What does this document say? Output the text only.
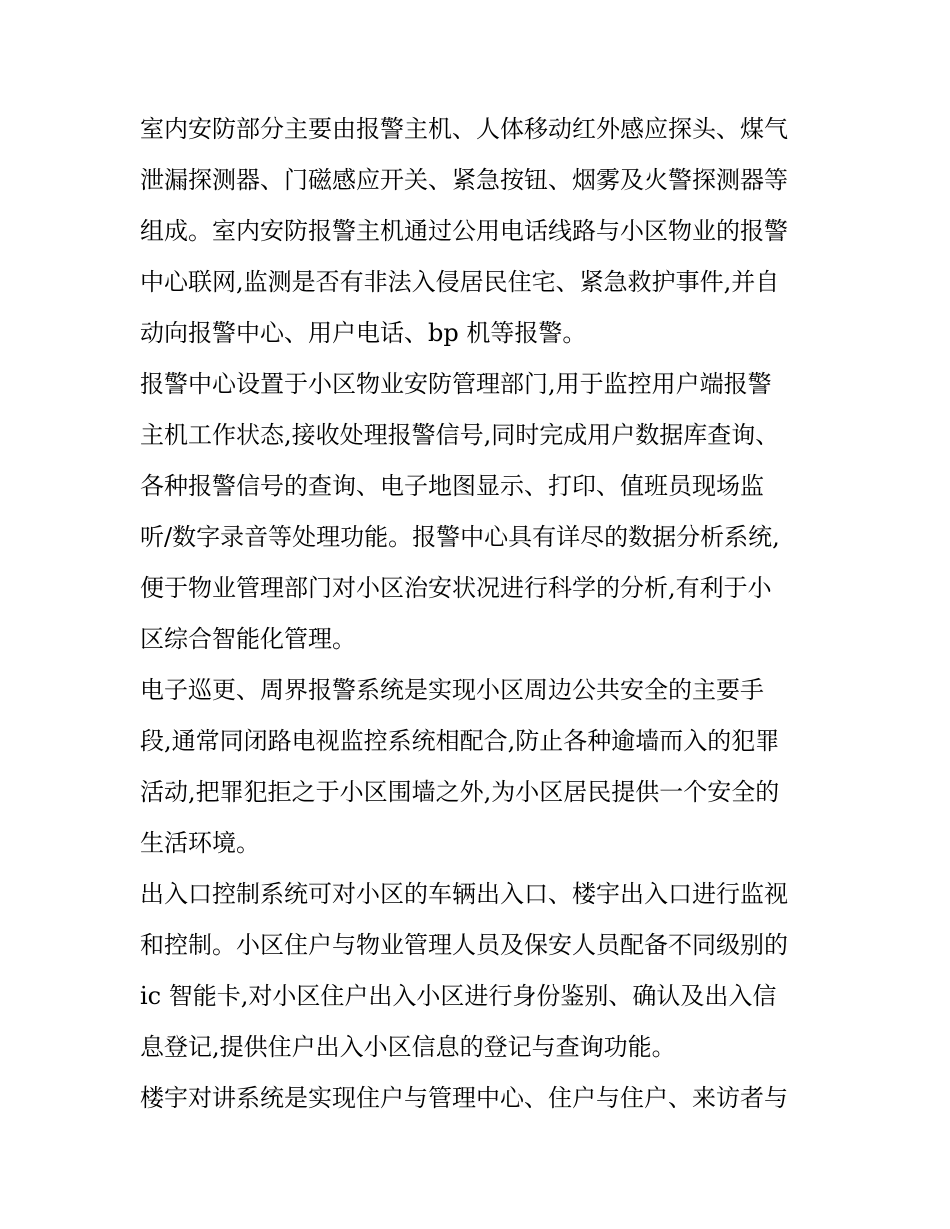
室内安防部分主要由报警主机、人体移动红外感应探头、煤气
泄漏探测器、门磁感应开关、紧急按钮、烟雾及火警探测器等
组成。室内安防报警主机通过公用电话线路与小区物业的报警
中心联网,监测是否有非法入侵居民住宅、紧急救护事件,并自
动向报警中心、用户电话、bp 机等报警。
报警中心设置于小区物业安防管理部门,用于监控用户端报警
主机工作状态,接收处理报警信号,同时完成用户数据库查询、
各种报警信号的查询、电子地图显示、打印、值班员现场监
听/数字录音等处理功能。报警中心具有详尽的数据分析系统,
便于物业管理部门对小区治安状况进行科学的分析,有利于小
区综合智能化管理。
电子巡更、周界报警系统是实现小区周边公共安全的主要手
段,通常同闭路电视监控系统相配合,防止各种逾墙而入的犯罪
活动,把罪犯拒之于小区围墙之外,为小区居民提供一个安全的
生活环境。
出入口控制系统可对小区的车辆出入口、楼宇出入口进行监视
和控制。小区住户与物业管理人员及保安人员配备不同级别的
ic 智能卡,对小区住户出入小区进行身份鉴别、确认及出入信
息登记,提供住户出入小区信息的登记与查询功能。
楼宇对讲系统是实现住户与管理中心、住户与住户、来访者与
